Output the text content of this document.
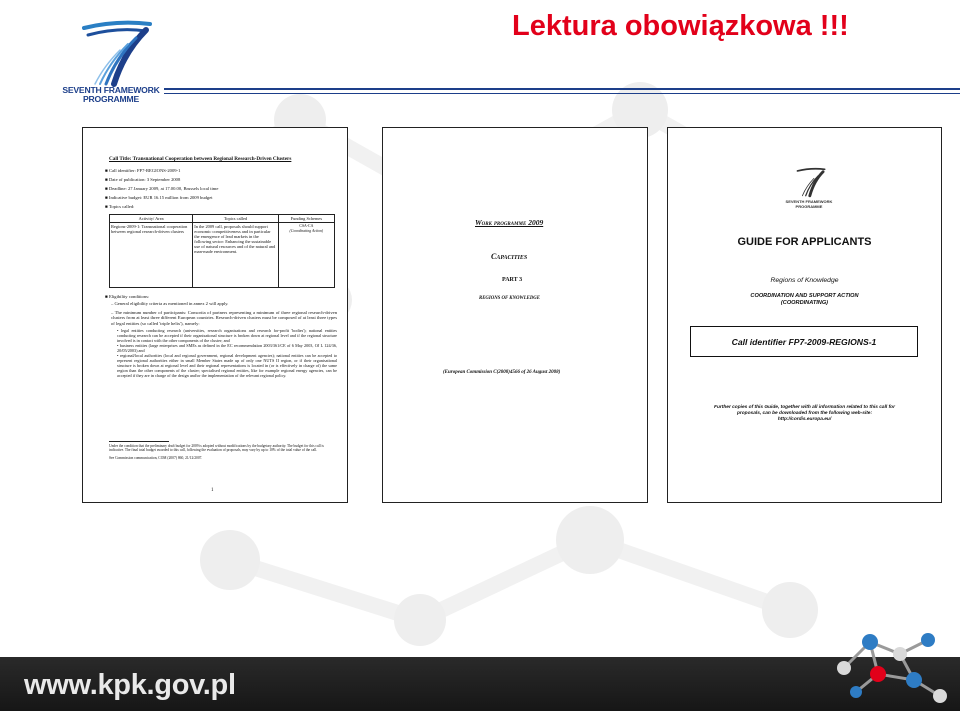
SEVENTH FRAMEWORK
PROGRAMME
Lektura obowiązkowa !!!
Call Title: Transnational Cooperation between Regional Research-Driven Clusters
■ Call identifier: FP7-REGIONS-2009-1
■ Date of publication: 3 September 2008
■ Deadline: 27 January 2009, at 17.00.00, Brussels local time
■ Indicative budget: EUR 16.15 million from 2009 budget
■ Topics called:
Activity/ Area	Topics called	Funding Schemes
Regions-2009-1: Transnational cooperation between regional research-driven clusters	In the 2009 call, proposals should support economic competitiveness and in particular the emergence of lead markets in the following sector: Enhancing the sustainable use of natural resources and of the natural and man-made environment.	CSA-CA
(Coordinating Action)
■ Eligibility conditions:
– General eligibility criteria as mentioned in annex 2 will apply.
– The minimum number of participants: Consortia of partners representing a minimum of three regional research-driven clusters from at least three different European countries. Research-driven clusters must be composed of at least three types of legal entities (so called 'triple helix'), namely:
• legal entities conducting research (universities, research organisations and research for-profit 'bodies'); national entities conducting research can be accepted if their organisational structure is broken down at regional level and if the regional structure involved is in contact with the other components of the cluster; and
• business entities (large enterprises and SMEs as defined in the EC recommendation 2003/361/CE of 6 May 2003, OJ L 124/36, 20/05/2003) and
• regional/local authorities (local and regional government, regional development agencies); national entities can be accepted to represent regional authorities either in small Member States made up of only one NUTS II region, or if their organisational structure is broken down at regional level and their regional representations is located in (or is effectively in charge of) the same region than the other components of the cluster; specialised regional entities, like for example regional energy agencies, can be accepted if they are in charge of the design and/or the implementation of the relevant regional policy.
Under the condition that the preliminary draft budget for 2009 is adopted without modifications by the budgetary authority. The budget for this call is indicative. The final total budget awarded to this call, following the evaluation of proposals, may vary by up to 10% of the total value of the call.
See Commission communication, COM (2007) 860, 21/12/2007.
1
Work programme 2009
Capacities
PART 3
REGIONS OF KNOWLEDGE
(European Commission C(2008)4566 of 26 August 2008)
SEVENTH FRAMEWORK
PROGRAMME
GUIDE FOR APPLICANTS
Regions of Knowledge
COORDINATION AND SUPPORT ACTION
(COORDINATING)
Call identifier FP7-2009-REGIONS-1
Further copies of this Guide, together with all information related to this call for
proposals, can be downloaded from the following web-site:
http://cordis.europa.eu/
www.kpk.gov.pl
